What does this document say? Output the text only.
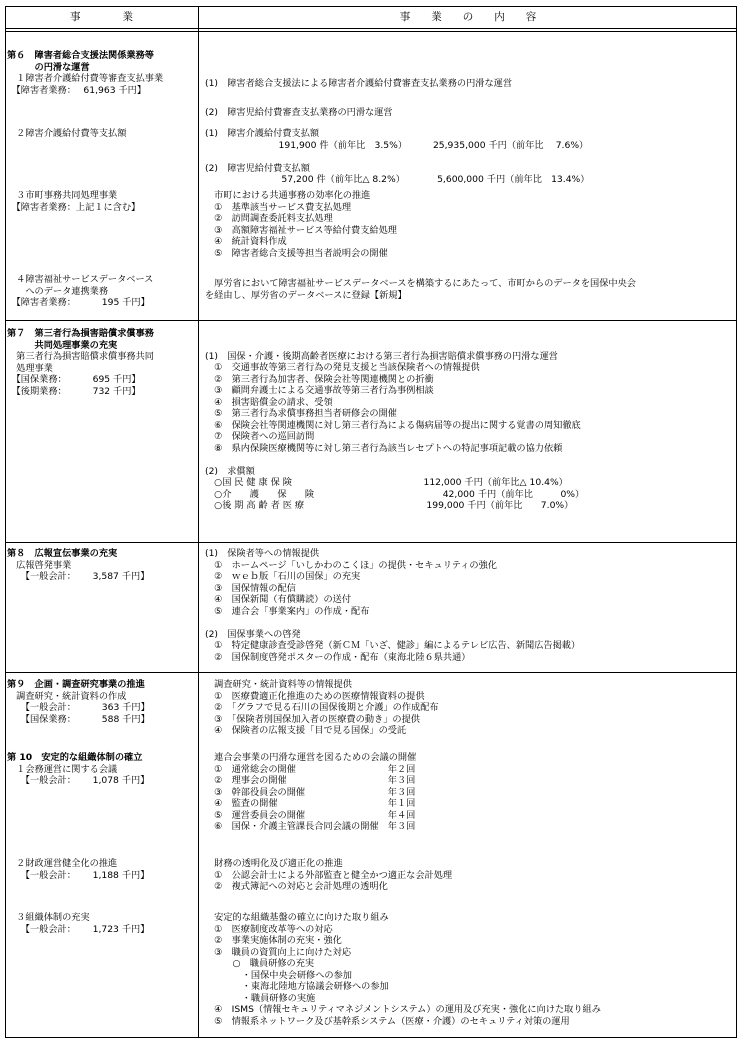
事　　　　業	事　　業　　の　　内　　容
第６　障害者総合支援法関係業務等
　　　の円滑な運営
　１障害者介護給付費等審査支払事業
　【障害者業務：　 61,963 千円】
(1)　障害者総合支援法による障害者介護給付費審査支払業務の円滑な運営
(2)　障害児給付費審査支払業務の円滑な運営
　２障害介護給付費等支払額	(1)　障害介護給付費支払額
　　　　　　　　191,900 件（前年比　3.5%）　　　 25,935,000 千円（前年比　 7.6%）
(2)　障害児給付費支払額
　　　　　　　　 57,200 件（前年比△ 8.2%）　　　　5,600,000 千円（前年比　13.4%）
　３市町事務共同処理事業
　【障害者業務：上記１に含む】
　市町における共通事務の効率化の推進
　①　基準該当サービス費支払処理
　②　訪問調査委託料支払処理
　③　高額障害福祉サービス等給付費支給処理
　④　統計資料作成
　⑤　障害者総合支援等担当者説明会の開催
　４障害福祉サービスデータベース
　　へのデータ連携業務
　【障害者業務：　　　 195 千円】
　厚労省において障害福祉サービスデータベースを構築するにあたって、市町からのデータを国保中央会
を経由し、厚労省のデータベースに登録【新規】
第７　第三者行為損害賠償求償事務
　　　共同処理事業の充実
　第三者行為損害賠償求償事務共同
　処理事業
　【国保業務：　　　 695 千円】
　【後期業務：　　　 732 千円】
(1)　国保・介護・後期高齢者医療における第三者行為損害賠償求償事務の円滑な運営
　①　交通事故等第三者行為の発見支援と当該保険者への情報提供
　②　第三者行為加害者、保険会社等関連機関との折衝
　③　顧問弁護士による交通事故等第三者行為事例相談
　④　損害賠償金の請求、受領
　⑤　第三者行為求償事務担当者研修会の開催
　⑥　保険会社等関連機関に対し第三者行為による傷病届等の提出に関する覚書の周知徹底
　⑦　保険者への巡回訪問
　⑧　県内保険医療機関等に対し第三者行為該当レセプトへの特記事項記載の協力依頼
(2)　求償額
　○国 民 健 康 保 険　　　　　　　　　　　　　　 112,000 千円（前年比△ 10.4%）
　○介　　護　　保　　険　　　　　　　　　　　　　　42,000 千円（前年比　　　0%）
　○後 期 高 齢 者 医 療　　　　　　　　　　　　　 199,000 千円（前年比　　7.0%）
第８　広報宣伝事業の充実
　広報啓発事業
　　【一般会計：　　 3,587 千円】
(1)　保険者等への情報提供
　①　ホームページ「いしかわのこくほ」の提供・セキュリティの強化
　②　ｗｅｂ版「石川の国保」の充実
　③　国保情報の配信
　④　国保新聞（有償購読）の送付
　⑤　連合会「事業案内」の作成・配布
(2)　国保事業への啓発
　①　特定健康診査受診啓発（新ＣＭ「いざ、健診」編によるテレビ広告、新聞広告掲載）
　②　国保制度啓発ポスターの作成・配布（東海北陸６県共通）
第９　企画・調査研究事業の推進
　調査研究・統計資料の作成
　　【一般会計：　　　 363 千円】
　　【国保業務：　　　 588 千円】
　調査研究・統計資料等の情報提供
　①　医療費適正化推進のための医療情報資料の提供
　②　「グラフで見る石川の国保後期と介護」の作成配布
　③　「保険者別国保加入者の医療費の動き」の提供
　④　保険者の広報支援「目で見る国保」の受託
第 10　安定的な組織体制の確立
　１会務運営に関する会議
　　【一般会計：　　 1,078 千円】
　連合会事業の円滑な運営を図るための会議の開催
　①　通常総会の開催　　　　　　　　　　年２回
　②　理事会の開催　　　　　　　　　　　年３回
　③　幹部役員会の開催　　　　　　　　　年３回
　④　監査の開催　　　　　　　　　　　　年１回
　⑤　運営委員会の開催　　　　　　　　　年４回
　⑥　国保・介護主管課長合同会議の開催　年３回
　２財政運営健全化の推進
　　【一般会計：　　 1,188 千円】
　財務の透明化及び適正化の推進
　①　公認会計士による外部監査と健全かつ適正な会計処理
　②　複式簿記への対応と会計処理の透明化
　３組織体制の充実
　　【一般会計：　　 1,723 千円】
　安定的な組織基盤の確立に向けた取り組み
　①　医療制度改革等への対応
　②　事業実施体制の充実・強化
　③　職員の資質向上に向けた対応
　　　○　職員研修の充実
　　　　・国保中央会研修への参加
　　　　・東海北陸地方協議会研修への参加
　　　　・職員研修の実施
　④　ISMS（情報セキュリティマネジメントシステム）の運用及び充実・強化に向けた取り組み
　⑤　情報系ネットワーク及び基幹系システム（医療・介護）のセキュリティ対策の運用
